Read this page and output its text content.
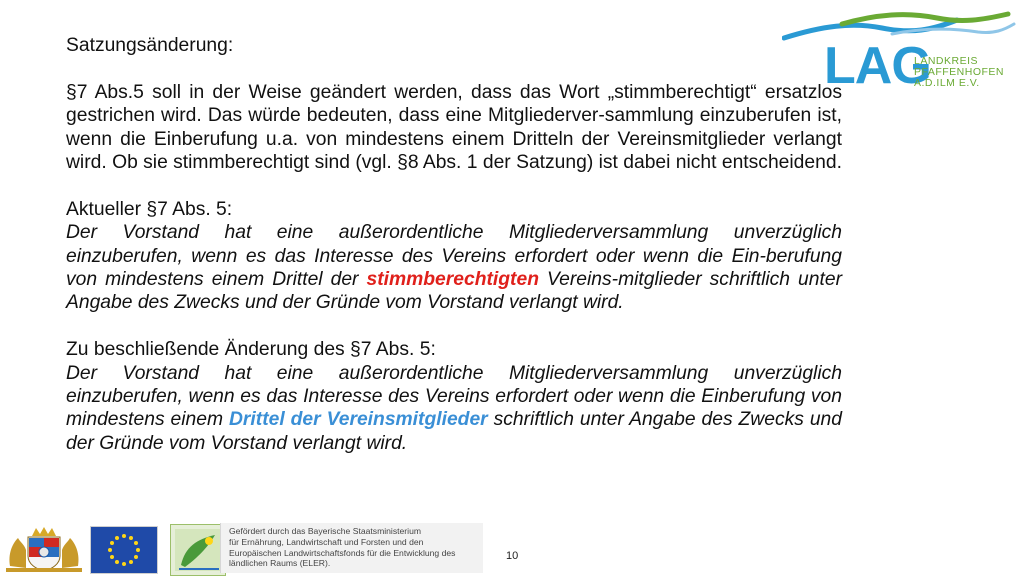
Satzungsänderung:

§7 Abs.5 soll in der Weise geändert werden, dass das Wort „stimmberechtigt“ ersatzlos gestrichen wird. Das würde bedeuten, dass eine Mitgliederver-sammlung einzuberufen ist, wenn die Einberufung u.a. von mindestens einem Dritteln der Vereinsmitglieder verlangt wird. Ob sie stimmberechtigt sind (vgl. §8 Abs. 1 der Satzung) ist dabei nicht entscheidend.

Aktueller §7 Abs. 5:

Der Vorstand hat eine außerordentliche Mitgliederversammlung unverzüglich einzuberufen, wenn es das Interesse des Vereins erfordert oder wenn die Ein-berufung von mindestens einem Drittel der stimmberechtigten Vereins-mitglieder schriftlich unter Angabe des Zwecks und der Gründe vom Vorstand verlangt wird.

Zu beschließende Änderung des §7 Abs. 5:

Der Vorstand hat eine außerordentliche Mitgliederversammlung unverzüglich einzuberufen, wenn es das Interesse des Vereins erfordert oder wenn die Einberufung von mindestens einem Drittel der Vereinsmitglieder schriftlich unter Angabe des Zwecks und der Gründe vom Vorstand verlangt wird.

LAG
LANDKREIS
PFAFFENHOFEN
A.D.ILM E.V.
Gefördert durch das Bayerische Staatsministerium
für Ernährung, Landwirtschaft und Forsten und den
Europäischen Landwirtschaftsfonds für die Entwicklung des
ländlichen Raums (ELER).
10
